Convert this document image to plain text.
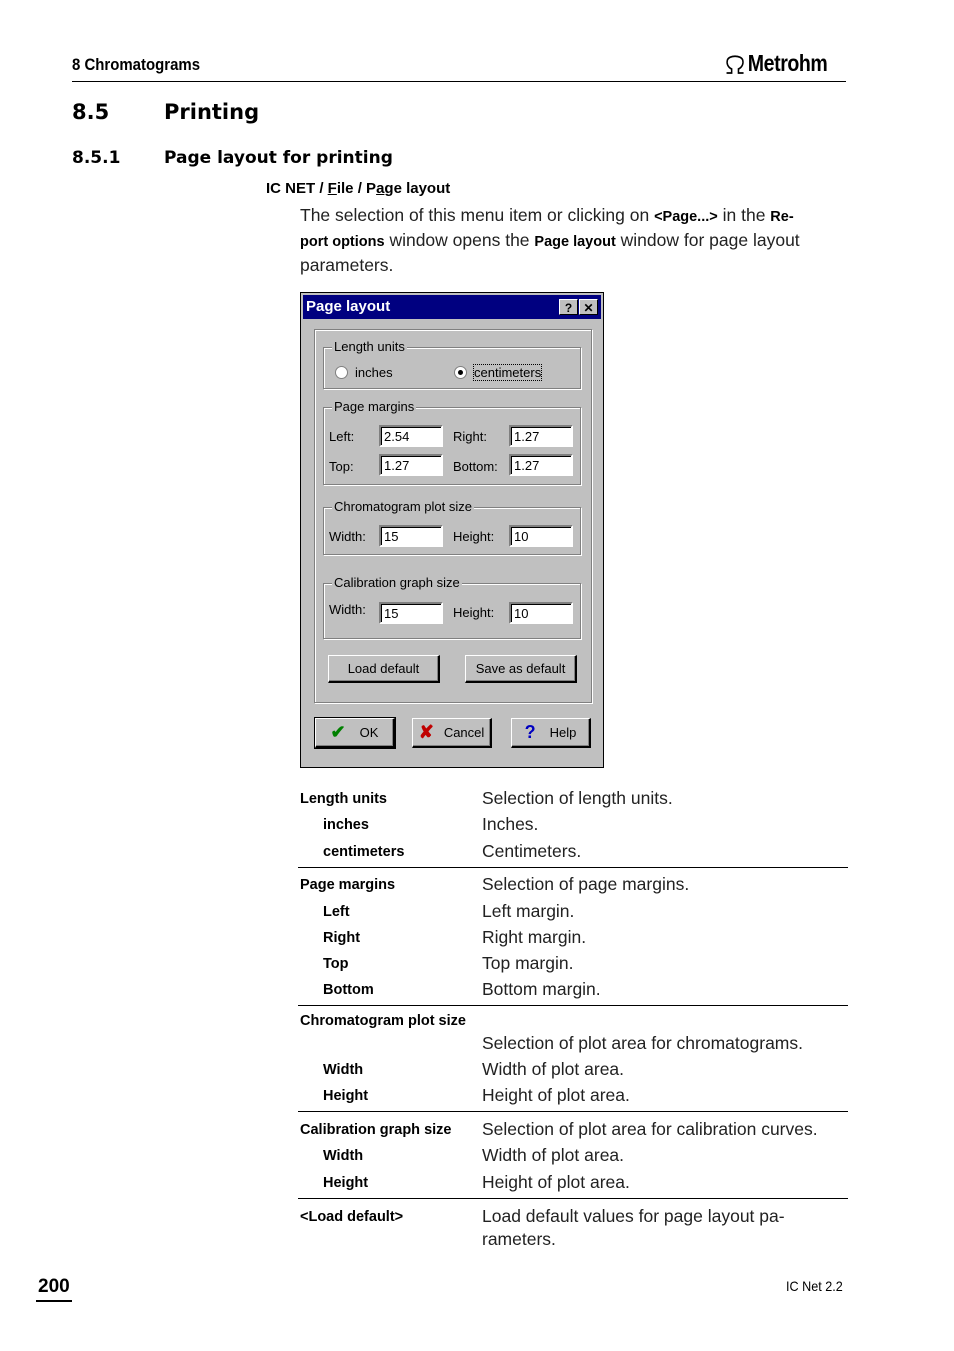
8 Chromatograms	Metrohm
8.5	Printing
8.5.1	Page layout for printing
IC NET / File / Page layout
The selection of this menu item or clicking on <Page...> in the Re-
port options window opens the Page layout window for page layout
parameters.
Page layout	? ✕
Length units
inches	centimeters
Page margins
Left:	2.54	Right:	1.27
Top:	1.27	Bottom:	1.27
Chromatogram plot size
Width:	15	Height:	10
Calibration graph size
Width:	15	Height:	10
Load default	Save as default
✔ OK ✘ Cancel ? Help
Length units	Selection of length units.
inches	Inches.
centimeters	Centimeters.
Page margins	Selection of page margins.
Left	Left margin.
Right	Right margin.
Top	Top margin.
Bottom	Bottom margin.
Chromatogram plot size
Selection of plot area for chromatograms.
Width	Width of plot area.
Height	Height of plot area.
Calibration graph size Selection of plot area for calibration curves.
Width	Width of plot area.
Height	Height of plot area.
<Load default>	Load default values for page layout pa-
rameters.
200	IC Net 2.2
